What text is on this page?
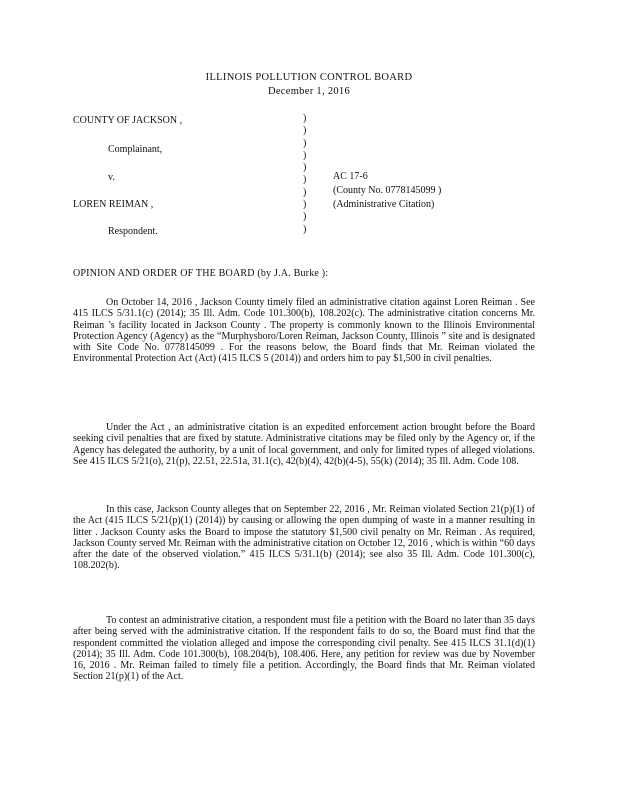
ILLINOIS POLLUTION CONTROL BOARD
December 1, 2016
COUNTY OF JACKSON ,
Complainant,
v.
LOREN REIMAN ,
Respondent.
)
)
)
)
)
)
)
)
)
)
AC 17-6
(County No. 0778145099 )
(Administrative Citation)
OPINION AND ORDER OF THE BOARD (by J.A. Burke ):

On October 14, 2016 , Jackson County timely filed an administrative citation against Loren Reiman . See 415 ILCS 5/31.1(c) (2014); 35 Ill. Adm. Code 101.300(b), 108.202(c). The administrative citation concerns Mr. Reiman ’s facility located in Jackson County . The property is commonly known to the Illinois Environmental Protection Agency (Agency) as the “Murphysboro/Loren Reiman, Jackson County, Illinois ” site and is designated with Site Code No. 0778145099 . For the reasons below, the Board finds that Mr. Reiman violated the Environmental Protection Act (Act) (415 ILCS 5 (2014)) and orders him to pay $1,500 in civil penalties.

Under the Act , an administrative citation is an expedited enforcement action brought before the Board seeking civil penalties that are fixed by statute. Administrative citations may be filed only by the Agency or, if the Agency has delegated the authority, by a unit of local government, and only for limited types of alleged violations. See 415 ILCS 5/21(o), 21(p), 22.51, 22.51a, 31.1(c), 42(b)(4), 42(b)(4-5), 55(k) (2014); 35 Ill. Adm. Code 108.

In this case, Jackson County alleges that on September 22, 2016 , Mr. Reiman violated Section 21(p)(1) of the Act (415 ILCS 5/21(p)(1) (2014)) by causing or allowing the open dumping of waste in a manner resulting in litter . Jackson County asks the Board to impose the statutory $1,500 civil penalty on Mr. Reiman . As required, Jackson County served Mr. Reiman with the administrative citation on October 12, 2016 , which is within “60 days after the date of the observed violation.” 415 ILCS 5/31.1(b) (2014); see also 35 Ill. Adm. Code 101.300(c), 108.202(b).

To contest an administrative citation, a respondent must file a petition with the Board no later than 35 days after being served with the administrative citation. If the respondent fails to do so, the Board must find that the respondent committed the violation alleged and impose the corresponding civil penalty. See 415 ILCS 31.1(d)(1) (2014); 35 Ill. Adm. Code 101.300(b), 108.204(b), 108.406. Here, any petition for review was due by November 16, 2016 . Mr. Reiman failed to timely file a petition. Accordingly, the Board finds that Mr. Reiman violated Section 21(p)(1) of the Act.
